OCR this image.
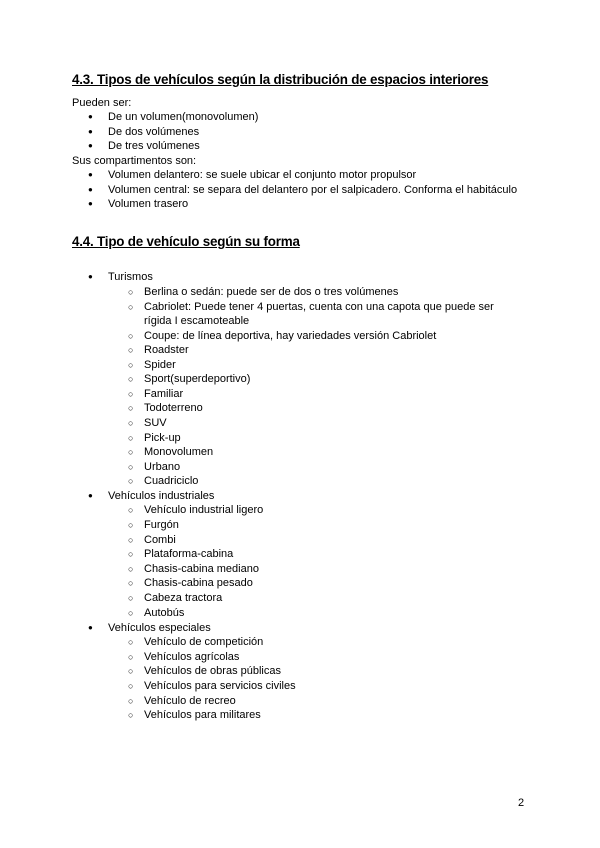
4.3. Tipos de vehículos según la distribución de espacios interiores
Pueden ser:
● De un volumen(monovolumen)
● De dos volúmenes
● De tres volúmenes
Sus compartimentos son:
● Volumen delantero: se suele ubicar el conjunto motor propulsor
● Volumen central: se separa del delantero por el salpicadero. Conforma el habitáculo
● Volumen trasero
4.4. Tipo de vehículo según su forma
● Turismos
○ Berlina o sedán: puede ser de dos o tres volúmenes
○ Cabriolet: Puede tener 4 puertas, cuenta con una capota que puede ser
rígida I escamoteable
○ Coupe: de línea deportiva, hay variedades versión Cabriolet
○ Roadster
○ Spider
○ Sport(superdeportivo)
○ Familiar
○ Todoterreno
○ SUV
○ Pick-up
○ Monovolumen
○ Urbano
○ Cuadriciclo
● Vehículos industriales
○ Vehículo industrial ligero
○ Furgón
○ Combi
○ Plataforma-cabina
○ Chasis-cabina mediano
○ Chasis-cabina pesado
○ Cabeza tractora
○ Autobús
● Vehículos especiales
○ Vehículo de competición
○ Vehículos agrícolas
○ Vehículos de obras públicas
○ Vehículos para servicios civiles
○ Vehículo de recreo
○ Vehículos para militares
2
